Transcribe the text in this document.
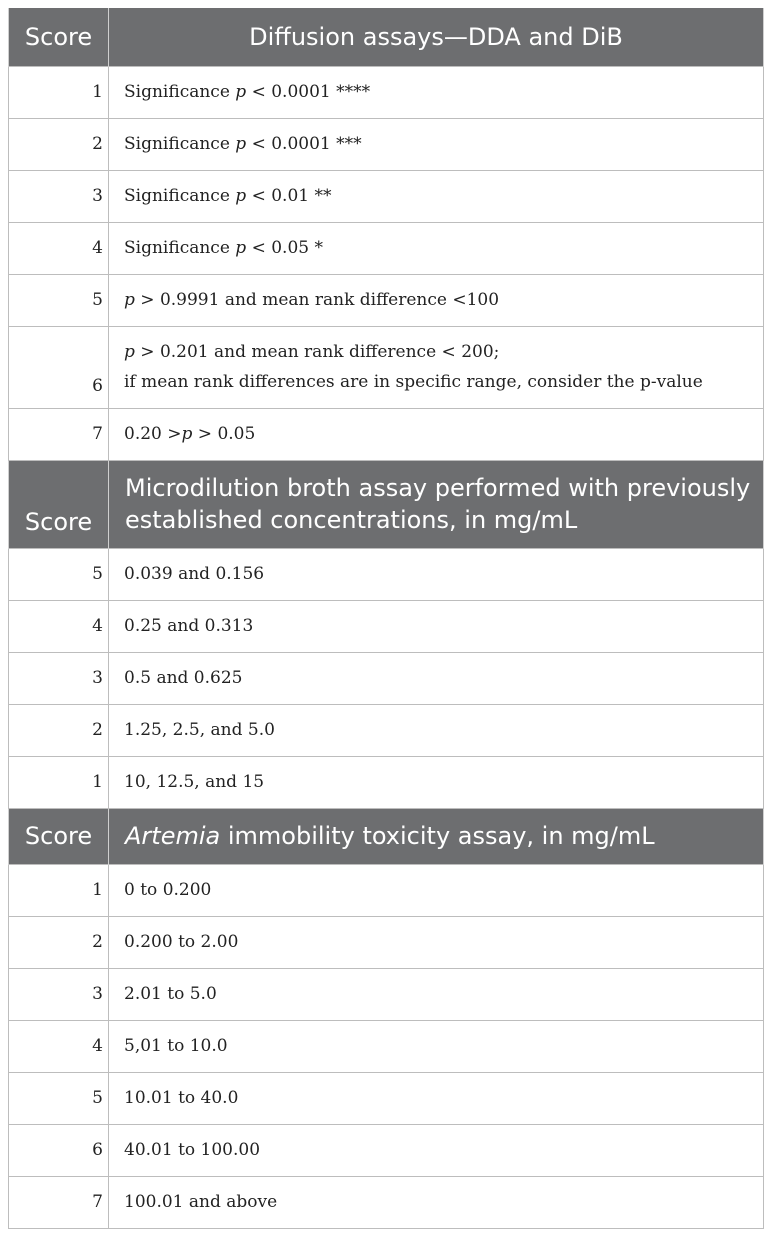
Score	Diffusion assays—DDA and DiB
1	Significance p < 0.0001 ****
2	Significance p < 0.0001 ***
3	Significance p < 0.01 **
4	Significance p < 0.05 *
5	p > 0.9991 and mean rank difference <100
6	p > 0.201 and mean rank difference < 200;
if mean rank differences are in specific range, consider the p-value
7	0.20 >p > 0.05
Score	Microdilution broth assay performed with previously established concentrations, in mg/mL
5	0.039 and 0.156
4	0.25 and 0.313
3	0.5 and 0.625
2	1.25, 2.5, and 5.0
1	10, 12.5, and 15
Score	Artemia immobility toxicity assay, in mg/mL
1	0 to 0.200
2	0.200 to 2.00
3	2.01 to 5.0
4	5,01 to 10.0
5	10.01 to 40.0
6	40.01 to 100.00
7	100.01 and above
